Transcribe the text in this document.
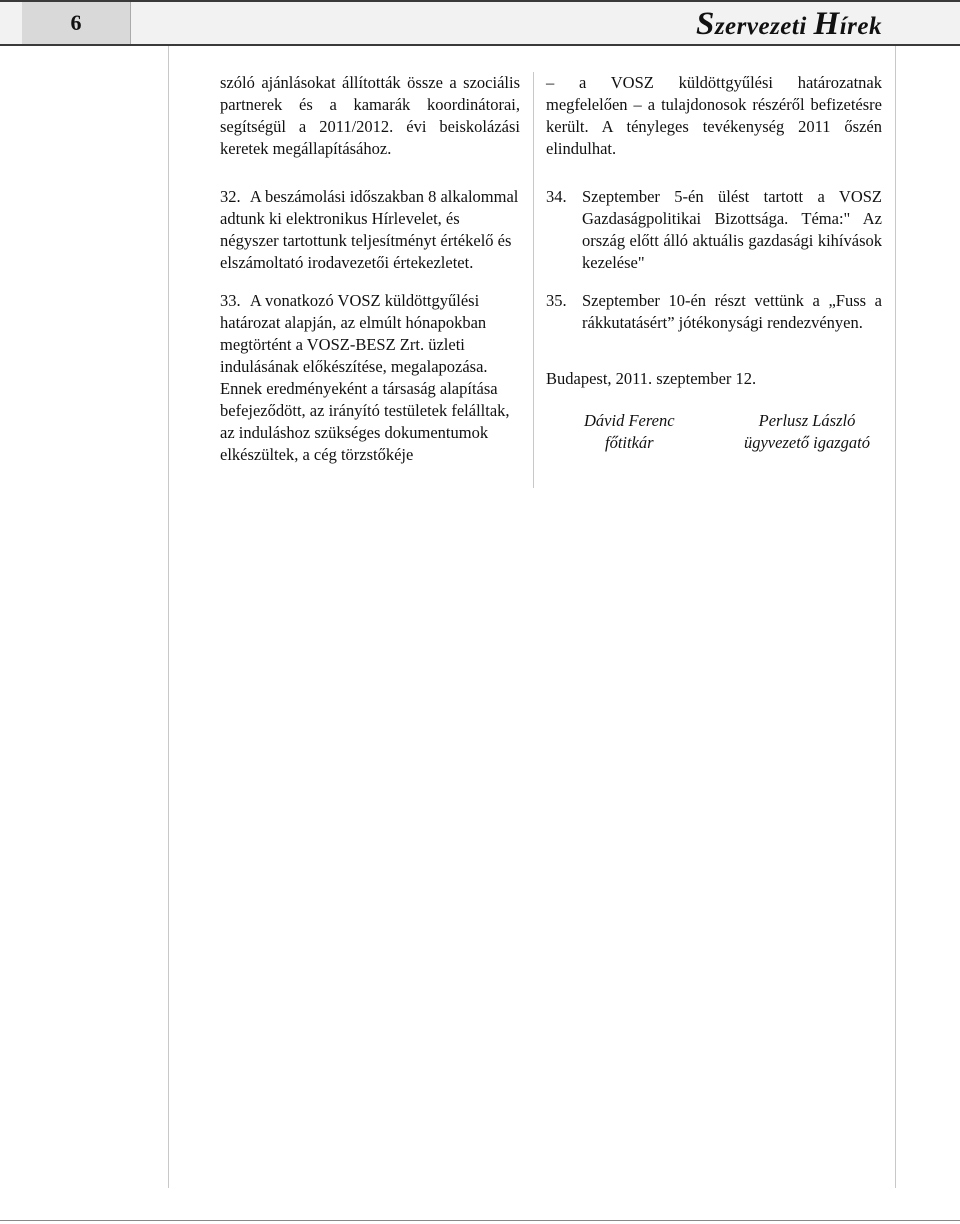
6	Szervezeti Hírek

szóló ajánlásokat állították össze a szociális partnerek és a kamarák koordinátorai, segítségül a 2011/2012. évi beiskolázási keretek megállapításához.

32. A beszámolási időszakban 8 alkalommal adtunk ki elektronikus Hírlevelet, és négyszer tartottunk teljesítményt értékelő és elszámoltató irodavezetői értekezletet.
33. A vonatkozó VOSZ küldöttgyűlési határozat alapján, az elmúlt hónapokban megtörtént a VOSZ-BESZ Zrt. üzleti indulásának előkészítése, megalapozása. Ennek eredményeként a társaság alapítása befejeződött, az irányító testületek felálltak, az induláshoz szükséges dokumentumok elkészültek, a cég törzstőkéje

– a VOSZ küldöttgyűlési határozatnak megfelelően – a tulajdonosok részéről befizetésre került. A tényleges tevékenység 2011 őszén elindulhat.

34. Szeptember 5-én ülést tartott a VOSZ Gazdaságpolitikai Bizottsága. Téma:" Az ország előtt álló aktuális gazdasági kihívások kezelése"
35. Szeptember 10-én részt vettünk a „Fuss a rákkutatásért” jótékonysági rendezvényen.
Budapest, 2011. szeptember 12.
Dávid Ferenc
főtitkár
Perlusz László
ügyvezető igazgató
